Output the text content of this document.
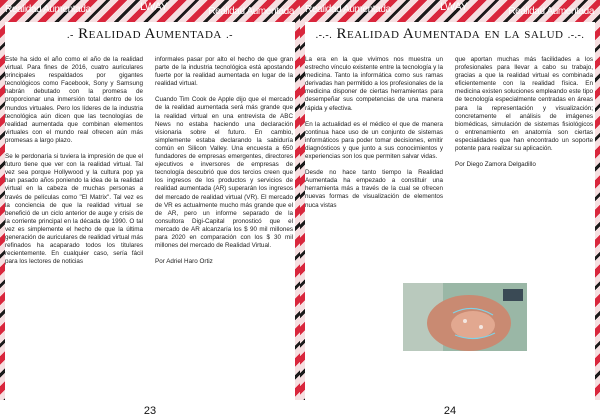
Realidad Aumentada	LWAY	Realidad Aumentada
.- Realidad Aumentada .-

Este ha sido el año como el año de la realidad virtual. Para fines de 2016, cuatro auriculares principales respaldados por gigantes tecnológicos como Facebook, Sony y Samsung habrán debutado con la promesa de proporcionar una inmersión total dentro de los mundos virtuales. Pero los líderes de la industria tecnológica aún dicen que las tecnologías de realidad aumentada que combinan elementos virtuales con el mundo real ofrecen aún más promesas a largo plazo.

Se le perdonaría si tuviera la impresión de que el futuro tiene que ver con la realidad virtual. Tal vez sea porque Hollywood y la cultura pop ya han pasado años poniendo la idea de la realidad virtual en la cabeza de muchas personas a través de películas como "El Matrix". Tal vez es la conciencia de que la realidad virtual se benefició de un ciclo anterior de auge y crisis de la corriente principal en la década de 1990. O tal vez es simplemente el hecho de que la última generación de auriculares de realidad virtual más refinados ha acaparado todos los titulares recientemente. En cualquier caso, sería fácil para los lectores de noticias

informales pasar por alto el hecho de que gran parte de la industria tecnológica está apostando fuerte por la realidad aumentada en lugar de la realidad virtual.

Cuando Tim Cook de Apple dijo que el mercado de la realidad aumentada será más grande que la realidad virtual en una entrevista de ABC News no estaba haciendo una declaración visionaria sobre el futuro. En cambio, simplemente estaba declarando la sabiduría común en Silicon Valley. Una encuesta a 650 fundadores de empresas emergentes, directores ejecutivos e inversores de empresas de tecnología descubrió que dos tercios creen que los ingresos de los productos y servicios de realidad aumentada (AR) superarán los ingresos del mercado de realidad virtual (VR). El mercado de VR es actualmente mucho más grande que el de AR, pero un informe separado de la consultora Digi-Capital pronosticó que el mercado de AR alcanzaría los $ 90 mil millones para 2020 en comparación con los $ 30 mil millones del mercado de Realidad Virtual.

Por Adriel Haro Ortiz

23
Realidad Aumentada	LWAY	Realidad Aumentada
.-.-. Realidad Aumentada en la salud .-.-.

La era en la que vivimos nos muestra un estrecho vínculo existente entre la tecnología y la medicina. Tanto la informática como sus ramas derivadas han permitido a los profesionales de la medicina disponer de ciertas herramientas para desempeñar sus competencias de una manera rápida y efectiva.

En la actualidad es el médico el que de manera continua hace uso de un conjunto de sistemas informáticos para poder tomar decisiones, emitir diagnósticos y que junto a sus conocimientos y experiencias son los que permiten salvar vidas.

Desde no hace tanto tiempo la Realidad Aumentada ha empezado a constituir una herramienta más a través de la cual se ofrecen nuevas formas de visualización de elementos nuca vistas

que aportan muchas más facilidades a los profesionales para llevar a cabo su trabajo, gracias a que la realidad virtual es combinada eficientemente con la realidad física. En medicina existen soluciones empleando este tipo de tecnología especialmente centradas en áreas para la representación y visualización; concretamente el análisis de imágenes biomédicas, simulación de sistemas fisiológicos o entrenamiento en anatomía son ciertas especialidades que han encontrado un soporte potente para realizar su aplicación.

Por Diego Zamora Delgadillo

24
